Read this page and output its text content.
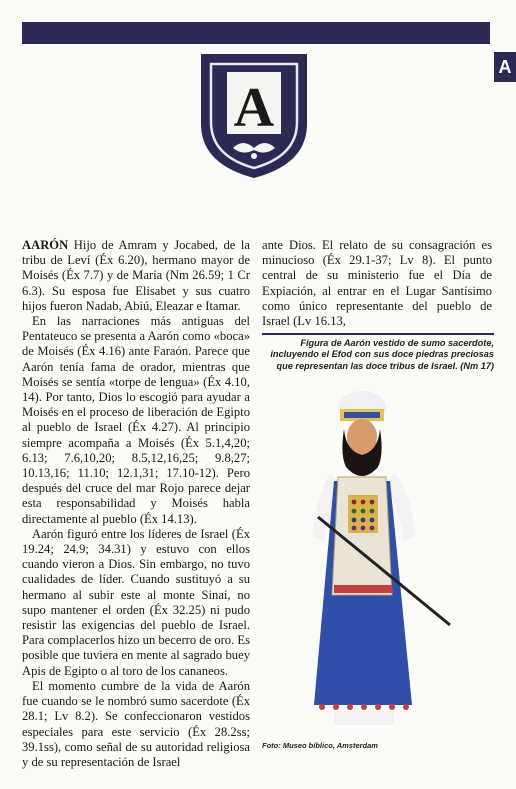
A
A

AARÓN Hijo de Amram y Jocabed, de la tribu de Leví (Éx 6.20), hermano mayor de Moisés (Éx 7.7) y de María (Nm 26.59; 1 Cr 6.3). Su esposa fue Elisabet y sus cuatro hijos fueron Nadab, Abiú, Eleazar e Itamar.

En las narraciones más antiguas del Pentateuco se presenta a Aarón como «boca» de Moisés (Éx 4.16) ante Faraón. Parece que Aarón tenía fama de orador, mientras que Moisés se sentía «torpe de lengua» (Éx 4.10, 14). Por tanto, Dios lo escogió para ayudar a Moisés en el proceso de liberación de Egipto al pueblo de Israel (Éx 4.27). Al principio siempre acompaña a Moisés (Éx 5.1,4,20; 6.13; 7.6,10,20; 8.5,12,16,25; 9.8,27; 10.13,16; 11.10; 12.1,31; 17.10-12). Pero después del cruce del mar Rojo parece dejar esta responsabilidad y Moisés habla directamente al pueblo (Éx 14.13).

Aarón figuró entre los líderes de Israel (Éx 19.24; 24.9; 34.31) y estuvo con ellos cuando vieron a Dios. Sin embargo, no tuvo cualidades de líder. Cuando sustituyó a su hermano al subir este al monte Sinaí, no supo mantener el orden (Éx 32.25) ni pudo resistir las exigencias del pueblo de Israel. Para complacerlos hizo un becerro de oro. Es posible que tuviera en mente al sagrado buey Apis de Egipto o al toro de los cananeos.

El momento cumbre de la vida de Aarón fue cuando se le nombró sumo sacerdote (Éx 28.1; Lv 8.2). Se confeccionaron vestidos especiales para este servicio (Éx 28.2ss; 39.1ss), como señal de su autoridad religiosa y de su representación de Israel

ante Dios. El relato de su consagración es minucioso (Éx 29.1-37; Lv 8). El punto central de su ministerio fue el Día de Expiación, al entrar en el Lugar Santísimo como único representante del pueblo de Israel (Lv 16.13,

Figura de Aarón vestido de sumo sacerdote, incluyendo el Efod con sus doce piedras preciosas que representan las doce tribus de Israel. (Nm 17)
Foto: Museo bíblico, Amsterdam
